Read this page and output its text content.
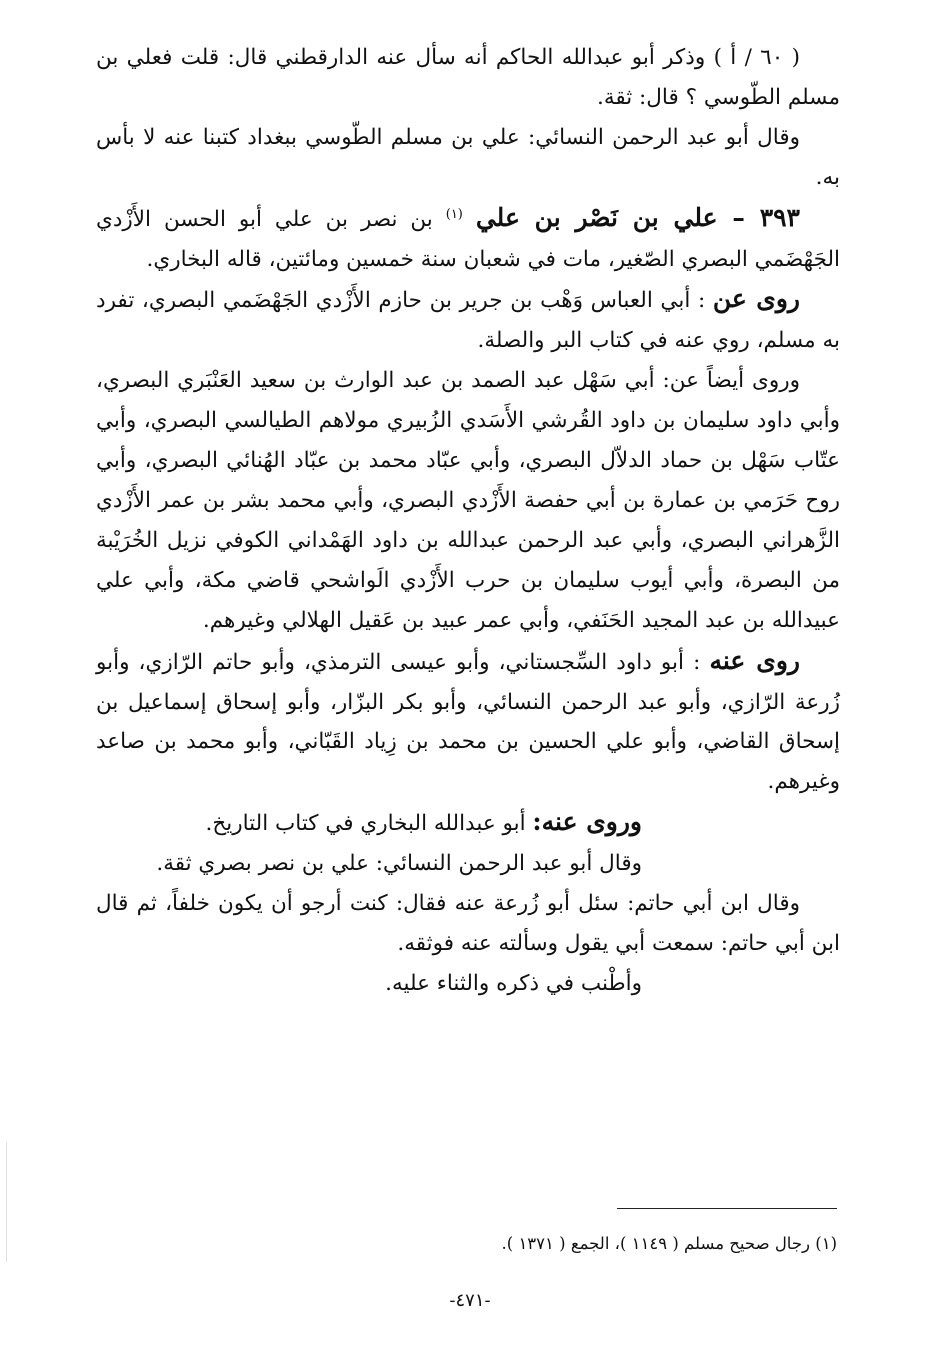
( ٦٠ / أ ) وذكر أبو عبدالله الحاكم أنه سأل عنه الدارقطني قال: قلت فعلي بن مسلم الطّوسي ؟ قال: ثقة.

وقال أبو عبد الرحمن النسائي: علي بن مسلم الطّوسي ببغداد كتبنا عنه لا بأس به.

٣٩٣ – علي بن نَصْر بن علي $^{(١)}$ بن نصر بن علي أبو الحسن الأَزْدي الجَهْضَمي البصري الصّغير، مات في شعبان سنة خمسين ومائتين، قاله البخاري.

روى عن : أبي العباس وَهْب بن جرير بن حازم الأَزْدي الجَهْضَمي البصري، تفرد به مسلم، روي عنه في كتاب البر والصلة.

وروى أيضاً عن: أبي سَهْل عبد الصمد بن عبد الوارث بن سعيد العَنْبَري البصري، وأبي داود سليمان بن داود القُرشي الأَسَدي الزُبيري مولاهم الطيالسي البصري، وأبي عتّاب سَهْل بن حماد الدلاّل البصري، وأبي عبّاد محمد بن عبّاد الهُنائي البصري، وأبي روح حَرَمي بن عمارة بن أبي حفصة الأَزْدي البصري، وأبي محمد بشر بن عمر الأَزْدي الزَّهراني البصري، وأبي عبد الرحمن عبدالله بن داود الهَمْداني الكوفي نزيل الخُرَيْبة من البصرة، وأبي أيوب سليمان بن حرب الأَزْدي الَواشحي قاضي مكة، وأبي علي عبيدالله بن عبد المجيد الحَنَفي، وأبي عمر عبيد بن عَقيل الهلالي وغيرهم.

روى عنه : أبو داود السِّجستاني، وأبو عيسى الترمذي، وأبو حاتم الرّازي، وأبو زُرعة الرّازي، وأبو عبد الرحمن النسائي، وأبو بكر البزّار، وأبو إسحاق إسماعيل بن إسحاق القاضي، وأبو علي الحسين بن محمد بن زِياد القَبّاني، وأبو محمد بن صاعد وغيرهم.

وروى عنه: أبو عبدالله البخاري في كتاب التاريخ.

وقال أبو عبد الرحمن النسائي: علي بن نصر بصري ثقة.

وقال ابن أبي حاتم: سئل أبو زُرعة عنه فقال: كنت أرجو أن يكون خلفاً، ثم قال ابن أبي حاتم: سمعت أبي يقول وسألته عنه فوثقه.

وأطْنب في ذكره والثناء عليه.

(١) رجال صحيح مسلم ( ١١٤٩ )، الجمع ( ١٣٧١ ).
-٤٧١-
